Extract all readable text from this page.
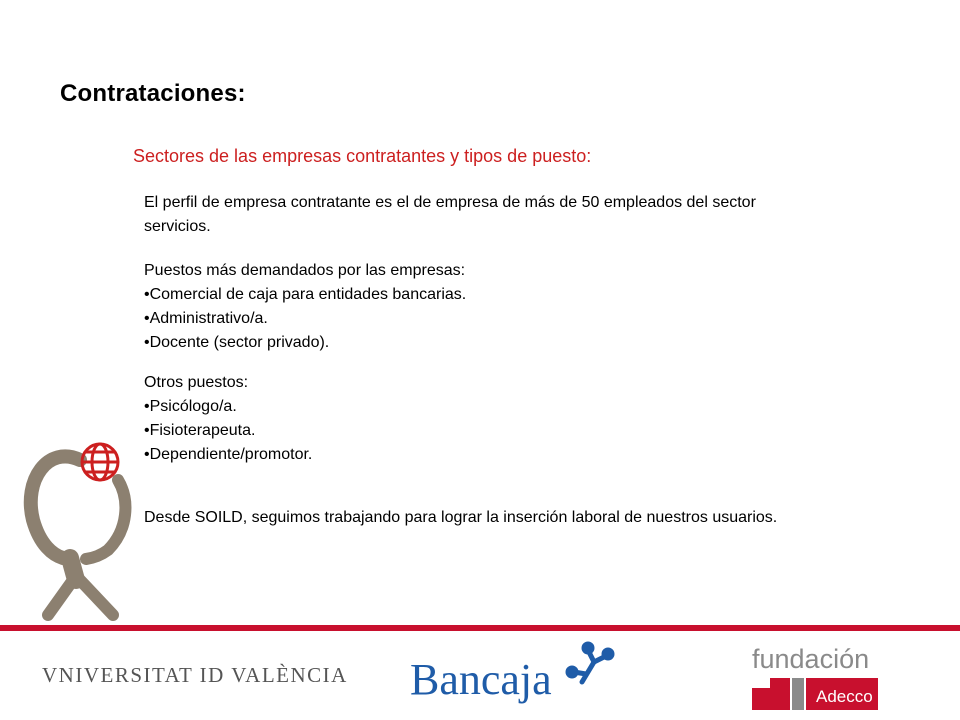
Contrataciones:
Sectores de las empresas contratantes y tipos de puesto:
El perfil de empresa contratante es el de empresa de más de 50 empleados del sector
servicios.
Puestos más demandados por las empresas:
•Comercial de caja para entidades bancarias.
•Administrativo/a.
•Docente (sector privado).
Otros puestos:
•Psicólogo/a.
•Fisioterapeuta.
•Dependiente/promotor.
Desde SOILD, seguimos trabajando para lograr la inserción laboral de nuestros usuarios.
VNIVERSITAT ID VALÈNCIA Bancaja	fundación
Adecco
